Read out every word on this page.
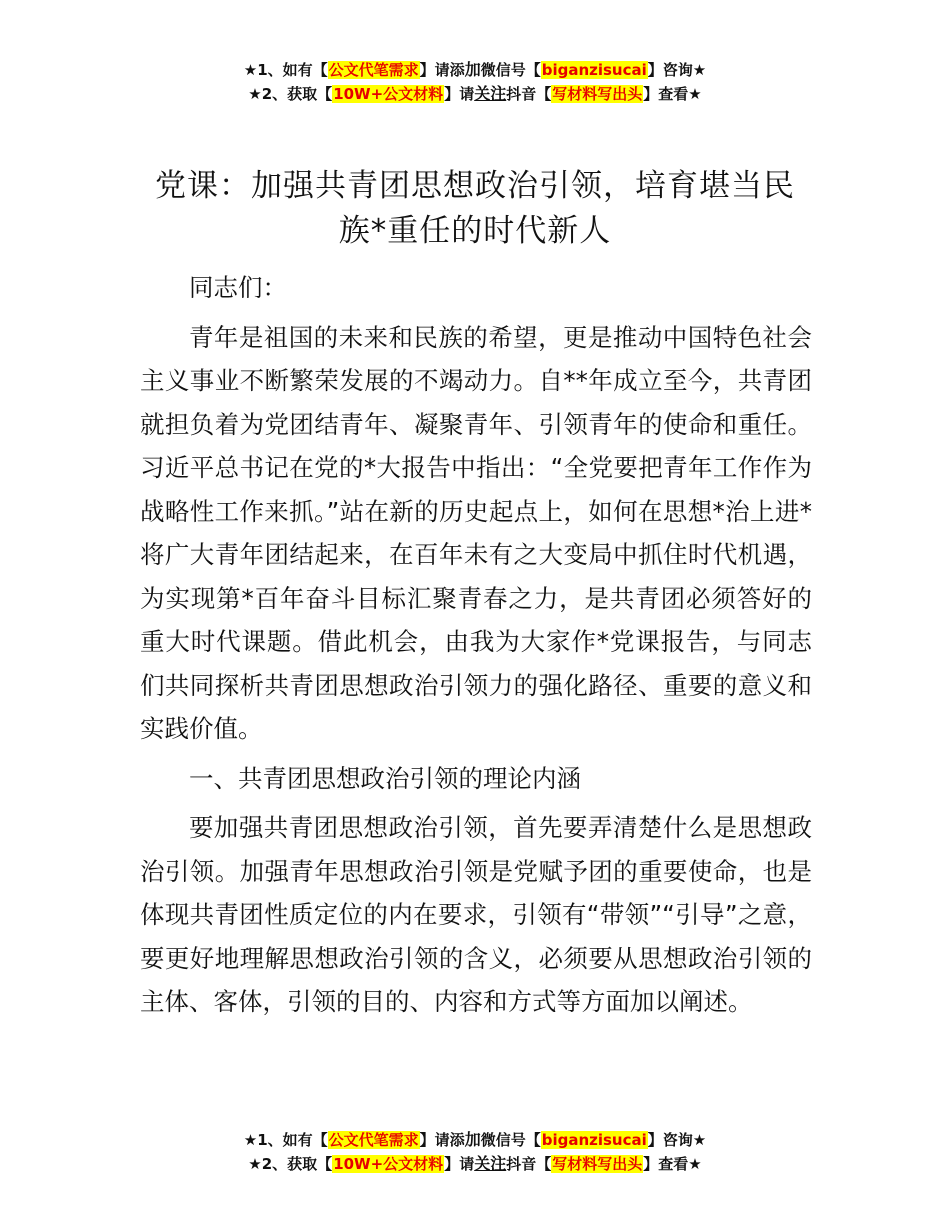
★1、如有【公文代笔需求】请添加微信号【biganzisucai】咨询★
★2、获取【10W+公文材料】请关注抖音【写材料写出头】查看★
党课：加强共青团思想政治引领，培育堪当民族*重任的时代新人

同志们：

青年是祖国的未来和民族的希望，更是推动中国特色社会主义事业不断繁荣发展的不竭动力。自**年成立至今，共青团就担负着为党团结青年、凝聚青年、引领青年的使命和重任。习近平总书记在党的*大报告中指出：“全党要把青年工作作为战略性工作来抓。”站在新的历史起点上，如何在思想*治上进*将广大青年团结起来，在百年未有之大变局中抓住时代机遇，为实现第*百年奋斗目标汇聚青春之力，是共青团必须答好的重大时代课题。借此机会，由我为大家作*党课报告，与同志们共同探析共青团思想政治引领力的强化路径、重要的意义和实践价值。

一、共青团思想政治引领的理论内涵

要加强共青团思想政治引领，首先要弄清楚什么是思想政治引领。加强青年思想政治引领是党赋予团的重要使命，也是体现共青团性质定位的内在要求，引领有“带领”“引导”之意，要更好地理解思想政治引领的含义，必须要从思想政治引领的主体、客体，引领的目的、内容和方式等方面加以阐述。

★1、如有【公文代笔需求】请添加微信号【biganzisucai】咨询★
★2、获取【10W+公文材料】请关注抖音【写材料写出头】查看★
